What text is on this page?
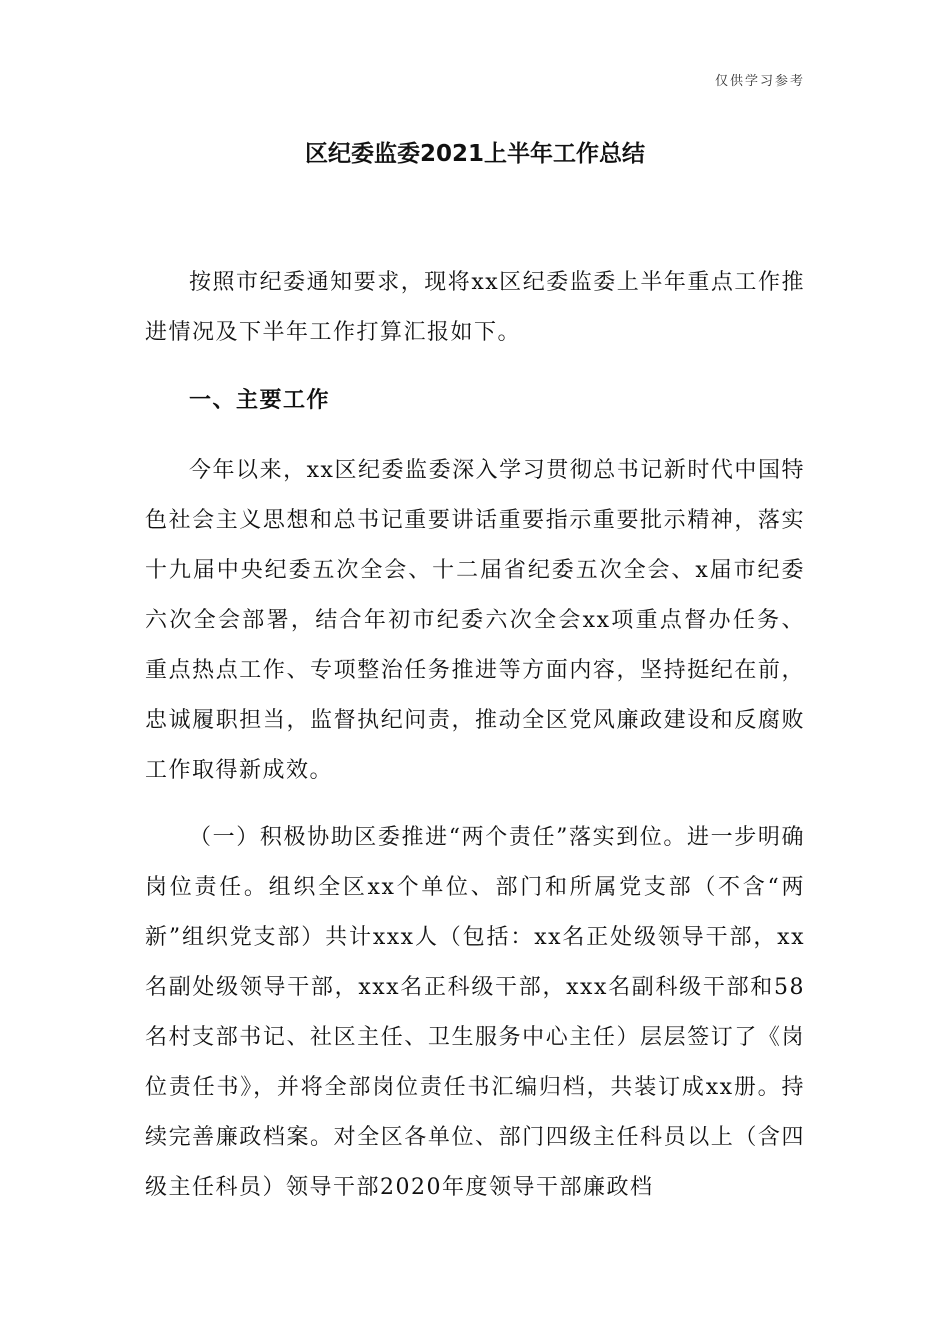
仅供学习参考
区纪委监委2021上半年工作总结

按照市纪委通知要求，现将xx区纪委监委上半年重点工作推进情况及下半年工作打算汇报如下。

一、主要工作

今年以来，xx区纪委监委深入学习贯彻总书记新时代中国特色社会主义思想和总书记重要讲话重要指示重要批示精神，落实十九届中央纪委五次全会、十二届省纪委五次全会、x届市纪委六次全会部署，结合年初市纪委六次全会xx项重点督办任务、重点热点工作、专项整治任务推进等方面内容，坚持挺纪在前，忠诚履职担当，监督执纪问责，推动全区党风廉政建设和反腐败工作取得新成效。

（一）积极协助区委推进“两个责任”落实到位。进一步明确岗位责任。组织全区xx个单位、部门和所属党支部（不含“两新”组织党支部）共计xxx人（包括：xx名正处级领导干部，xx名副处级领导干部，xxx名正科级干部，xxx名副科级干部和58名村支部书记、社区主任、卫生服务中心主任）层层签订了《岗位责任书》，并将全部岗位责任书汇编归档，共装订成xx册。持续完善廉政档案。对全区各单位、部门四级主任科员以上（含四级主任科员）领导干部2020年度领导干部廉政档
